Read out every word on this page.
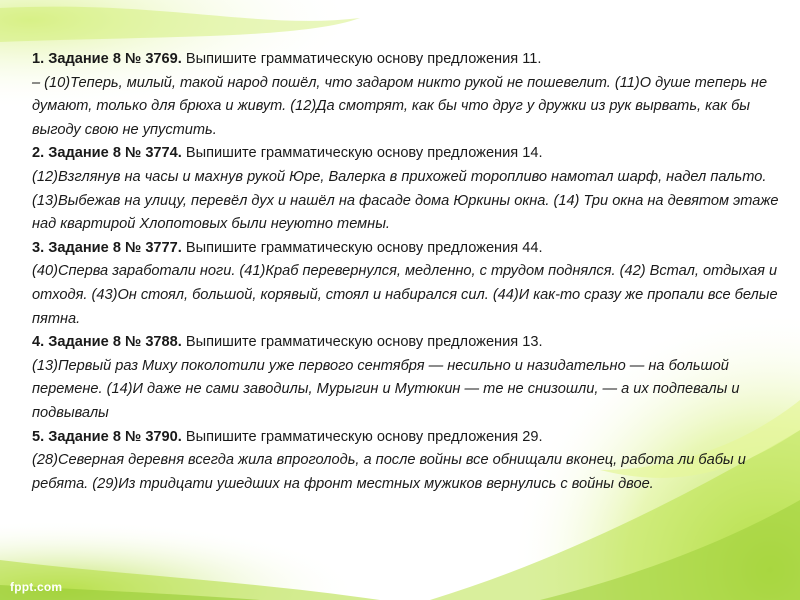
1. Задание 8 № 3769. Выпишите грамматическую основу предложения 11.
– (10)Теперь, милый, такой народ пошёл, что задаром никто рукой не пошевелит. (11)О душе теперь не думают, только для брюха и живут. (12)Да смотрят, как бы что друг у дружки из рук вырвать, как бы выгоду свою не упустить.
2. Задание 8 № 3774. Выпишите грамматическую основу предложения 14.
(12)Взглянув на часы и махнув рукой Юре, Валерка в прихожей торопливо намотал шарф, надел пальто. (13)Выбежав на улицу, перевёл дух и нашёл на фасаде дома Юркины окна. (14) Три окна на девятом этаже над квартирой Хлопотовых были неуютно темны.
3. Задание 8 № 3777. Выпишите грамматическую основу предложения 44.
(40)Сперва заработали ноги. (41)Краб перевернулся, медленно, с трудом поднялся. (42) Встал, отдыхая и отходя. (43)Он стоял, большой, корявый, стоял и набирался сил. (44)И как-то сразу же пропали все белые пятна.
4. Задание 8 № 3788. Выпишите грамматическую основу предложения 13.
(13)Первый раз Миху поколотили уже первого сентября — несильно и назидательно — на большой перемене. (14)И даже не сами заводилы, Мурыгин и Мутюкин — те не снизошли, — а их подпевалы и подвывалы
5. Задание 8 № 3790. Выпишите грамматическую основу предложения 29.
(28)Северная деревня всегда жила впроголодь, а после войны все обнищали вконец, работа ли бабы и ребята. (29)Из тридцати ушедших на фронт местных мужиков вернулись с войны двое.
fppt.com
